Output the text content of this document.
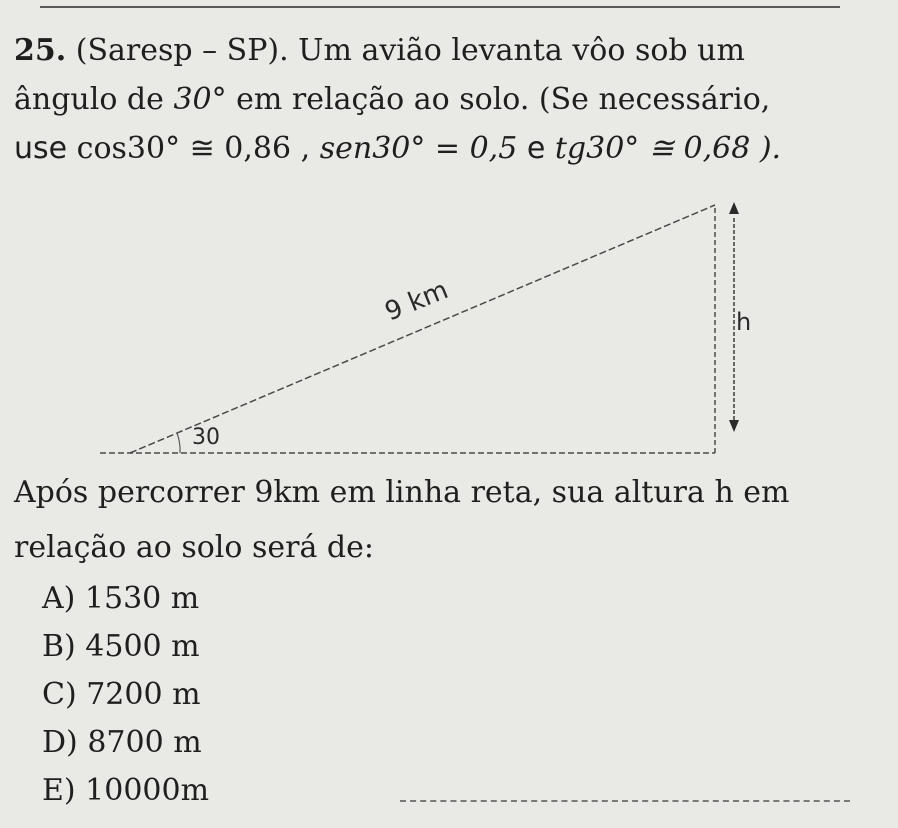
25. (Saresp – SP). Um avião levanta vôo sob um
ângulo de 30° em relação ao solo. (Se necessário,
use cos30° ≅ 0,86 , sen30° = 0,5 e tg30° ≅ 0,68 ).
9 km	h
30
Após percorrer 9km em linha reta, sua altura h em
relação ao solo será de:
A) 1530 m
B) 4500 m
C) 7200 m
D) 8700 m
E) 10000m
